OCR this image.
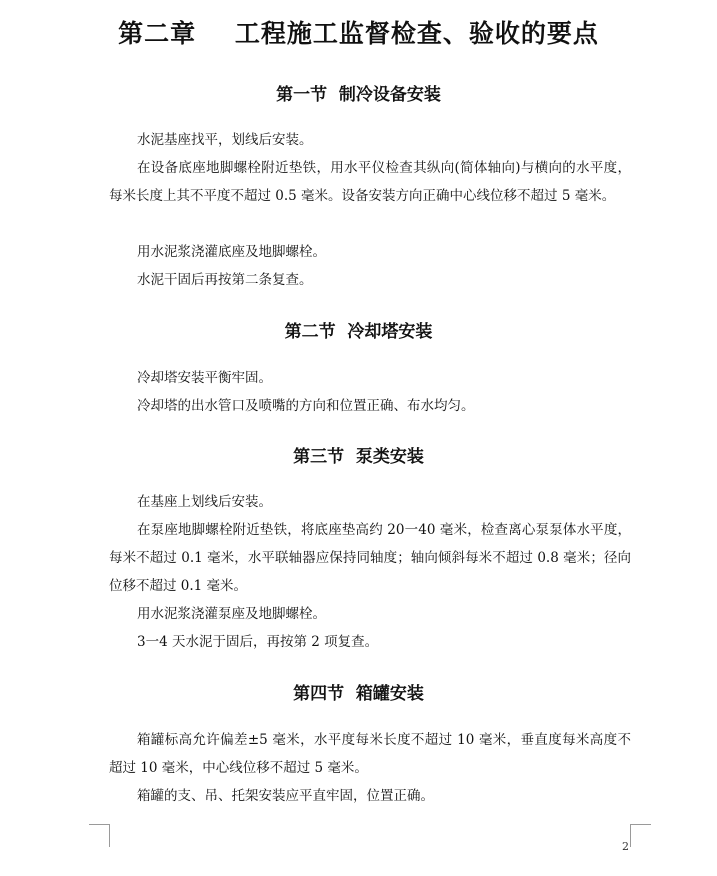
第二章    工程施工监督检查、验收的要点
第一节  制冷设备安装

水泥基座找平，划线后安装。

在设备底座地脚螺栓附近垫铁，用水平仪检查其纵向(简体轴向)与横向的水平度，每米长度上其不平度不超过 0.5 毫米。设备安装方向正确中心线位移不超过 5 毫米。

用水泥浆浇灌底座及地脚螺栓。

水泥干固后再按第二条复查。

第二节  冷却塔安装

冷却塔安装平衡牢固。

冷却塔的出水管口及喷嘴的方向和位置正确、布水均匀。

第三节  泵类安装

在基座上划线后安装。

在泵座地脚螺栓附近垫铁，将底座垫高约 20一40 毫米，检查离心泵泵体水平度，每米不超过 0.1 毫米，水平联轴器应保持同轴度；轴向倾斜每米不超过 0.8 毫米；径向位移不超过 0.1 毫米。

用水泥浆浇灌泵座及地脚螺栓。

3一4 天水泥于固后，再按第 2 项复查。

第四节  箱罐安装

箱罐标高允许偏差±5 毫米，水平度每米长度不超过 10 毫米，垂直度每米高度不超过 10 毫米，中心线位移不超过 5 毫米。

箱罐的支、吊、托架安装应平直牢固，位置正确。

2
